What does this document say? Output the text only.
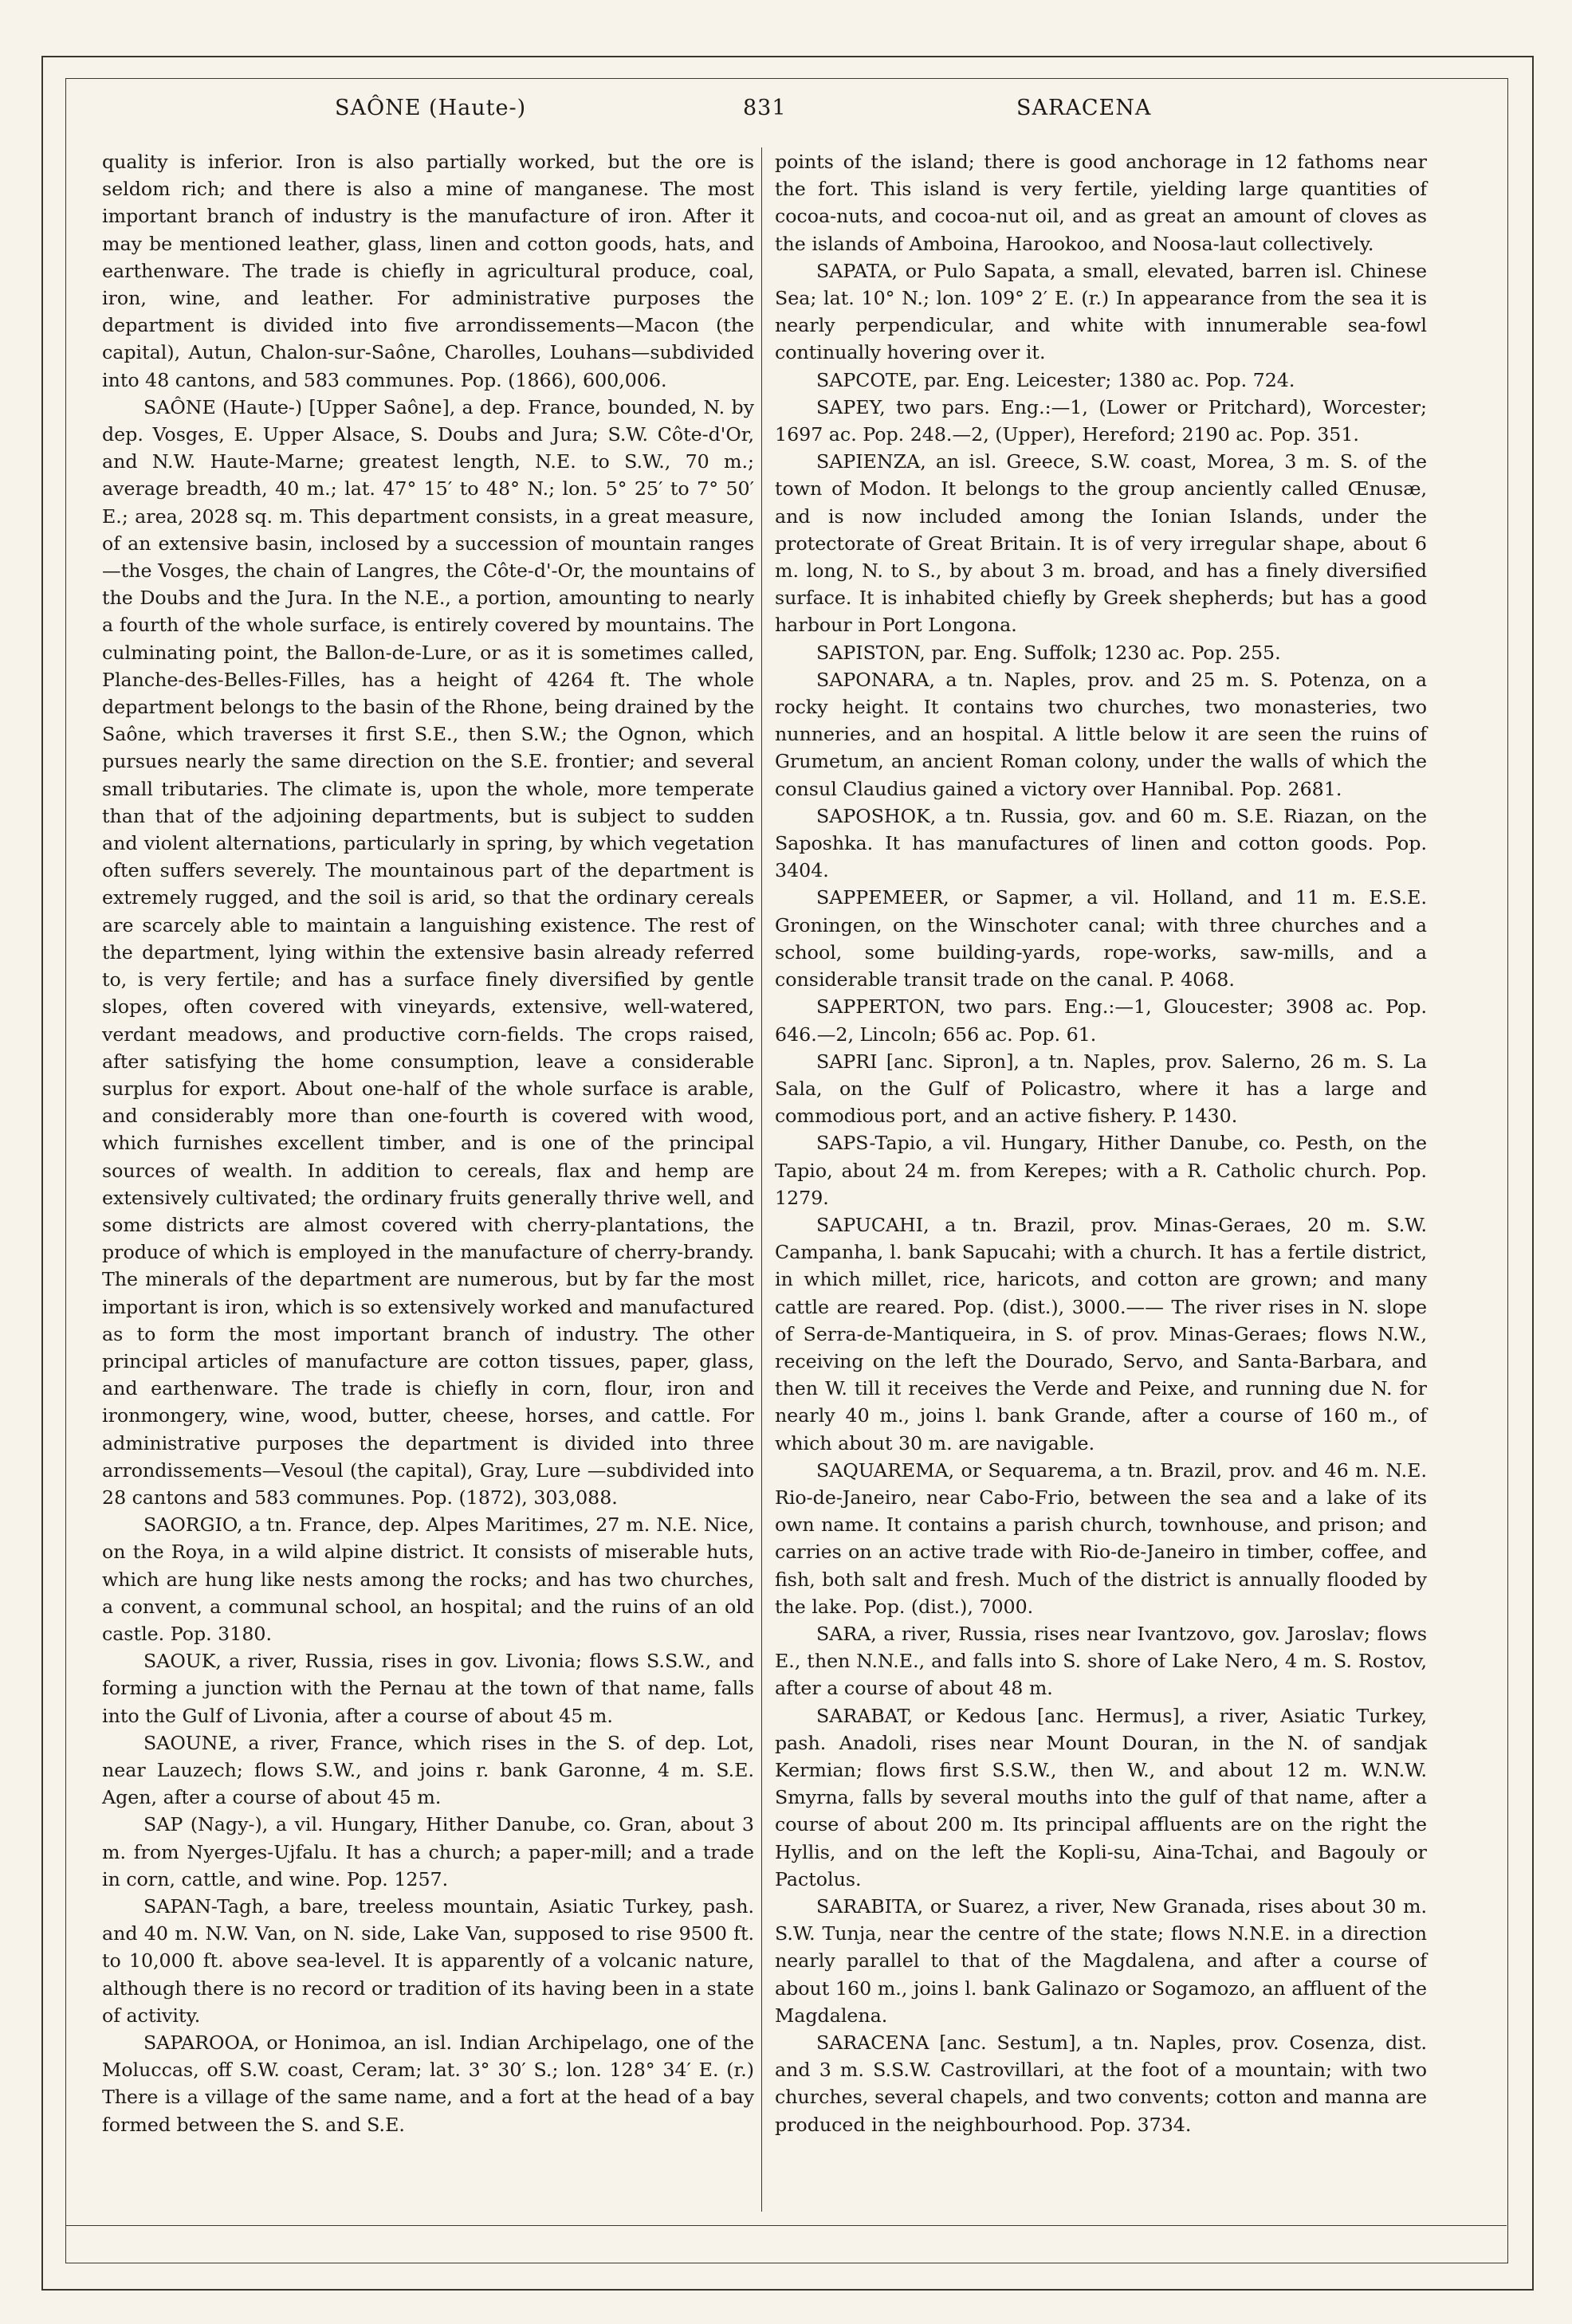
SAÔNE (Haute-)	831	SARACENA

quality is inferior. Iron is also partially worked, but the ore is seldom rich; and there is also a mine of manganese. The most important branch of industry is the manufacture of iron. After it may be mentioned leather, glass, linen and cotton goods, hats, and earthenware. The trade is chiefly in agricultural produce, coal, iron, wine, and leather. For administrative purposes the department is divided into five arrondissements—Macon (the capital), Autun, Chalon-sur-Saône, Charolles, Louhans—subdivided into 48 cantons, and 583 communes. Pop. (1866), 600,006.

SAÔNE (Haute-) [Upper Saône], a dep. France, bounded, N. by dep. Vosges, E. Upper Alsace, S. Doubs and Jura; S.W. Côte-d'Or, and N.W. Haute-Marne; greatest length, N.E. to S.W., 70 m.; average breadth, 40 m.; lat. 47° 15′ to 48° N.; lon. 5° 25′ to 7° 50′ E.; area, 2028 sq. m. This department consists, in a great measure, of an extensive basin, inclosed by a succession of mountain ranges—the Vosges, the chain of Langres, the Côte-d'-Or, the mountains of the Doubs and the Jura. In the N.E., a portion, amounting to nearly a fourth of the whole surface, is entirely covered by mountains. The culminating point, the Ballon-de-Lure, or as it is sometimes called, Planche-des-Belles-Filles, has a height of 4264 ft. The whole department belongs to the basin of the Rhone, being drained by the Saône, which traverses it first S.E., then S.W.; the Ognon, which pursues nearly the same direction on the S.E. frontier; and several small tributaries. The climate is, upon the whole, more temperate than that of the adjoining departments, but is subject to sudden and violent alternations, particularly in spring, by which vegetation often suffers severely. The mountainous part of the department is extremely rugged, and the soil is arid, so that the ordinary cereals are scarcely able to maintain a languishing existence. The rest of the department, lying within the extensive basin already referred to, is very fertile; and has a surface finely diversified by gentle slopes, often covered with vineyards, extensive, well-watered, verdant meadows, and productive corn-fields. The crops raised, after satisfying the home consumption, leave a considerable surplus for export. About one-half of the whole surface is arable, and considerably more than one-fourth is covered with wood, which furnishes excellent timber, and is one of the principal sources of wealth. In addition to cereals, flax and hemp are extensively cultivated; the ordinary fruits generally thrive well, and some districts are almost covered with cherry-plantations, the produce of which is employed in the manufacture of cherry-brandy. The minerals of the department are numerous, but by far the most important is iron, which is so extensively worked and manufactured as to form the most important branch of industry. The other principal articles of manufacture are cotton tissues, paper, glass, and earthenware. The trade is chiefly in corn, flour, iron and ironmongery, wine, wood, butter, cheese, horses, and cattle. For administrative purposes the department is divided into three arrondissements—Vesoul (the capital), Gray, Lure —subdivided into 28 cantons and 583 communes. Pop. (1872), 303,088.

SAORGIO, a tn. France, dep. Alpes Maritimes, 27 m. N.E. Nice, on the Roya, in a wild alpine district. It consists of miserable huts, which are hung like nests among the rocks; and has two churches, a convent, a communal school, an hospital; and the ruins of an old castle. Pop. 3180.

SAOUK, a river, Russia, rises in gov. Livonia; flows S.S.W., and forming a junction with the Pernau at the town of that name, falls into the Gulf of Livonia, after a course of about 45 m.

SAOUNE, a river, France, which rises in the S. of dep. Lot, near Lauzech; flows S.W., and joins r. bank Garonne, 4 m. S.E. Agen, after a course of about 45 m.

SAP (Nagy-), a vil. Hungary, Hither Danube, co. Gran, about 3 m. from Nyerges-Ujfalu. It has a church; a paper-mill; and a trade in corn, cattle, and wine. Pop. 1257.

SAPAN-Tagh, a bare, treeless mountain, Asiatic Turkey, pash. and 40 m. N.W. Van, on N. side, Lake Van, supposed to rise 9500 ft. to 10,000 ft. above sea-level. It is apparently of a volcanic nature, although there is no record or tradition of its having been in a state of activity.

SAPAROOA, or Honimoa, an isl. Indian Archipelago, one of the Moluccas, off S.W. coast, Ceram; lat. 3° 30′ S.; lon. 128° 34′ E. (r.) There is a village of the same name, and a fort at the head of a bay formed between the S. and S.E.

points of the island; there is good anchorage in 12 fathoms near the fort. This island is very fertile, yielding large quantities of cocoa-nuts, and cocoa-nut oil, and as great an amount of cloves as the islands of Amboina, Harookoo, and Noosa-laut collectively.

SAPATA, or Pulo Sapata, a small, elevated, barren isl. Chinese Sea; lat. 10° N.; lon. 109° 2′ E. (r.) In appearance from the sea it is nearly perpendicular, and white with innumerable sea-fowl continually hovering over it.

SAPCOTE, par. Eng. Leicester; 1380 ac. Pop. 724.

SAPEY, two pars. Eng.:—1, (Lower or Pritchard), Worcester; 1697 ac. Pop. 248.—2, (Upper), Hereford; 2190 ac. Pop. 351.

SAPIENZA, an isl. Greece, S.W. coast, Morea, 3 m. S. of the town of Modon. It belongs to the group anciently called Œnusæ, and is now included among the Ionian Islands, under the protectorate of Great Britain. It is of very irregular shape, about 6 m. long, N. to S., by about 3 m. broad, and has a finely diversified surface. It is inhabited chiefly by Greek shepherds; but has a good harbour in Port Longona.

SAPISTON, par. Eng. Suffolk; 1230 ac. Pop. 255.

SAPONARA, a tn. Naples, prov. and 25 m. S. Potenza, on a rocky height. It contains two churches, two monasteries, two nunneries, and an hospital. A little below it are seen the ruins of Grumetum, an ancient Roman colony, under the walls of which the consul Claudius gained a victory over Hannibal. Pop. 2681.

SAPOSHOK, a tn. Russia, gov. and 60 m. S.E. Riazan, on the Saposhka. It has manufactures of linen and cotton goods. Pop. 3404.

SAPPEMEER, or Sapmer, a vil. Holland, and 11 m. E.S.E. Groningen, on the Winschoter canal; with three churches and a school, some building-yards, rope-works, saw-mills, and a considerable transit trade on the canal. P. 4068.

SAPPERTON, two pars. Eng.:—1, Gloucester; 3908 ac. Pop. 646.—2, Lincoln; 656 ac. Pop. 61.

SAPRI [anc. Sipron], a tn. Naples, prov. Salerno, 26 m. S. La Sala, on the Gulf of Policastro, where it has a large and commodious port, and an active fishery. P. 1430.

SAPS-Tapio, a vil. Hungary, Hither Danube, co. Pesth, on the Tapio, about 24 m. from Kerepes; with a R. Catholic church. Pop. 1279.

SAPUCAHI, a tn. Brazil, prov. Minas-Geraes, 20 m. S.W. Campanha, l. bank Sapucahi; with a church. It has a fertile district, in which millet, rice, haricots, and cotton are grown; and many cattle are reared. Pop. (dist.), 3000.—— The river rises in N. slope of Serra-de-Mantiqueira, in S. of prov. Minas-Geraes; flows N.W., receiving on the left the Dourado, Servo, and Santa-Barbara, and then W. till it receives the Verde and Peixe, and running due N. for nearly 40 m., joins l. bank Grande, after a course of 160 m., of which about 30 m. are navigable.

SAQUAREMA, or Sequarema, a tn. Brazil, prov. and 46 m. N.E. Rio-de-Janeiro, near Cabo-Frio, between the sea and a lake of its own name. It contains a parish church, townhouse, and prison; and carries on an active trade with Rio-de-Janeiro in timber, coffee, and fish, both salt and fresh. Much of the district is annually flooded by the lake. Pop. (dist.), 7000.

SARA, a river, Russia, rises near Ivantzovo, gov. Jaroslav; flows E., then N.N.E., and falls into S. shore of Lake Nero, 4 m. S. Rostov, after a course of about 48 m.

SARABAT, or Kedous [anc. Hermus], a river, Asiatic Turkey, pash. Anadoli, rises near Mount Douran, in the N. of sandjak Kermian; flows first S.S.W., then W., and about 12 m. W.N.W. Smyrna, falls by several mouths into the gulf of that name, after a course of about 200 m. Its principal affluents are on the right the Hyllis, and on the left the Kopli-su, Aina-Tchai, and Bagouly or Pactolus.

SARABITA, or Suarez, a river, New Granada, rises about 30 m. S.W. Tunja, near the centre of the state; flows N.N.E. in a direction nearly parallel to that of the Magdalena, and after a course of about 160 m., joins l. bank Galinazo or Sogamozo, an affluent of the Magdalena.

SARACENA [anc. Sestum], a tn. Naples, prov. Cosenza, dist. and 3 m. S.S.W. Castrovillari, at the foot of a mountain; with two churches, several chapels, and two convents; cotton and manna are produced in the neighbourhood. Pop. 3734.
